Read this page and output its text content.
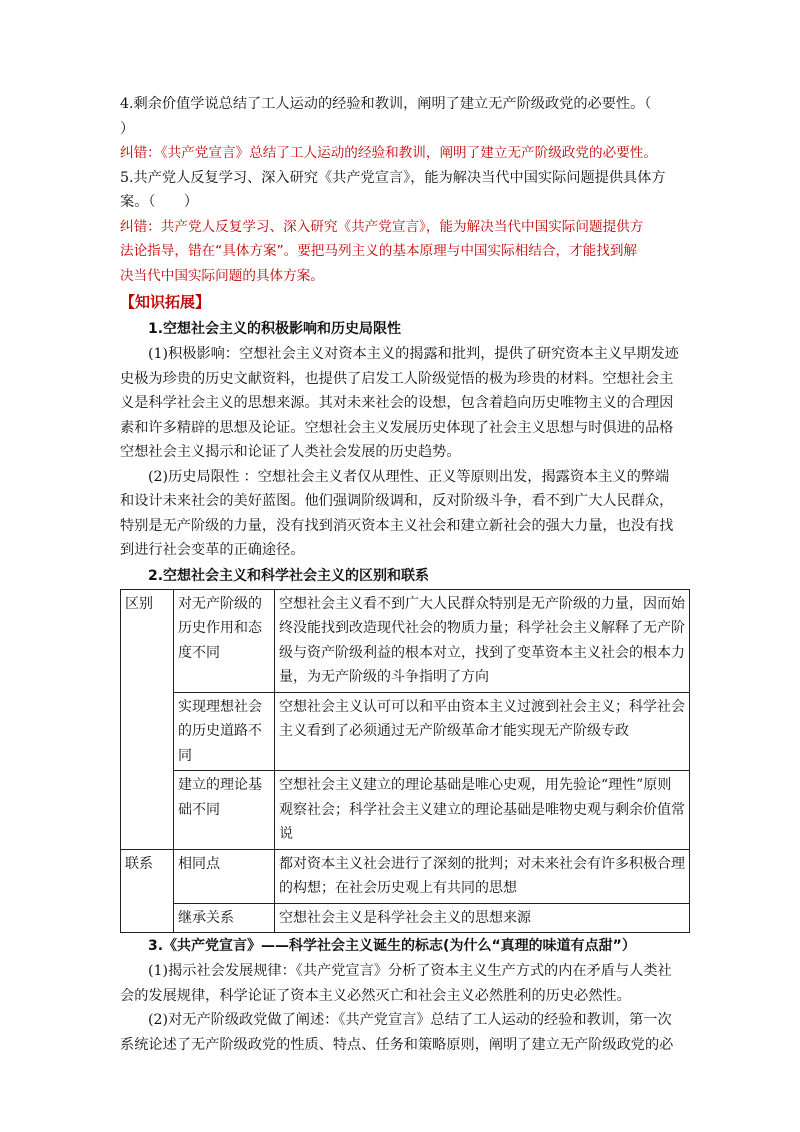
4.剩余价值学说总结了工人运动的经验和教训，阐明了建立无产阶级政党的必要性。（
）
纠错：《共产党宣言》总结了工人运动的经验和教训，阐明了建立无产阶级政党的必要性。
5.共产党人反复学习、深入研究《共产党宣言》，能为解决当代中国实际问题提供具体方
案。（　　）
纠错：共产党人反复学习、深入研究《共产党宣言》，能为解决当代中国实际问题提供方
法论指导，错在“具体方案”。要把马列主义的基本原理与中国实际相结合，才能找到解
决当代中国实际问题的具体方案。
【知识拓展】
1.空想社会主义的积极影响和历史局限性
(1)积极影响：空想社会主义对资本主义的揭露和批判，提供了研究资本主义早期发迹
史极为珍贵的历史文献资料，也提供了启发工人阶级觉悟的极为珍贵的材料。空想社会主
义是科学社会主义的思想来源。其对未来社会的设想，包含着趋向历史唯物主义的合理因
素和许多精辟的思想及论证。空想社会主义发展历史体现了社会主义思想与时俱进的品格
空想社会主义揭示和论证了人类社会发展的历史趋势。
(2)历史局限性 ：空想社会主义者仅从理性、正义等原则出发，揭露资本主义的弊端
和设计未来社会的美好蓝图。他们强调阶级调和，反对阶级斗争，看不到广大人民群众，
特别是无产阶级的力量，没有找到消灭资本主义社会和建立新社会的强大力量，也没有找
到进行社会变革的正确途径。
2.空想社会主义和科学社会主义的区别和联系
区别	对无产阶级的
历史作用和态
度不同	空想社会主义看不到广大人民群众特别是无产阶级的力量，因而始
终没能找到改造现代社会的物质力量；科学社会主义解释了无产阶
级与资产阶级利益的根本对立，找到了变革资本主义社会的根本力
量，为无产阶级的斗争指明了方向

	实现理想社会
的历史道路不
同	空想社会主义认可可以和平由资本主义过渡到社会主义；科学社会
主义看到了必须通过无产阶级革命才能实现无产阶级专政

	建立的理论基
础不同	空想社会主义建立的理论基础是唯心史观，用先验论“理性”原则
观察社会；科学社会主义建立的理论基础是唯物史观与剩余价值常
说

联系	相同点	都对资本主义社会进行了深刻的批判；对未来社会有许多积极合理
的构想；在社会历史观上有共同的思想

	继承关系	空想社会主义是科学社会主义的思想来源
3.《共产党宣言》——科学社会主义诞生的标志(为什么“真理的味道有点甜”）
(1)揭示社会发展规律：《共产党宣言》分析了资本主义生产方式的内在矛盾与人类社
会的发展规律，科学论证了资本主义必然灭亡和社会主义必然胜利的历史必然性。
(2)对无产阶级政党做了阐述：《共产党宣言》总结了工人运动的经验和教训，第一次
系统论述了无产阶级政党的性质、特点、任务和策略原则，阐明了建立无产阶级政党的必
